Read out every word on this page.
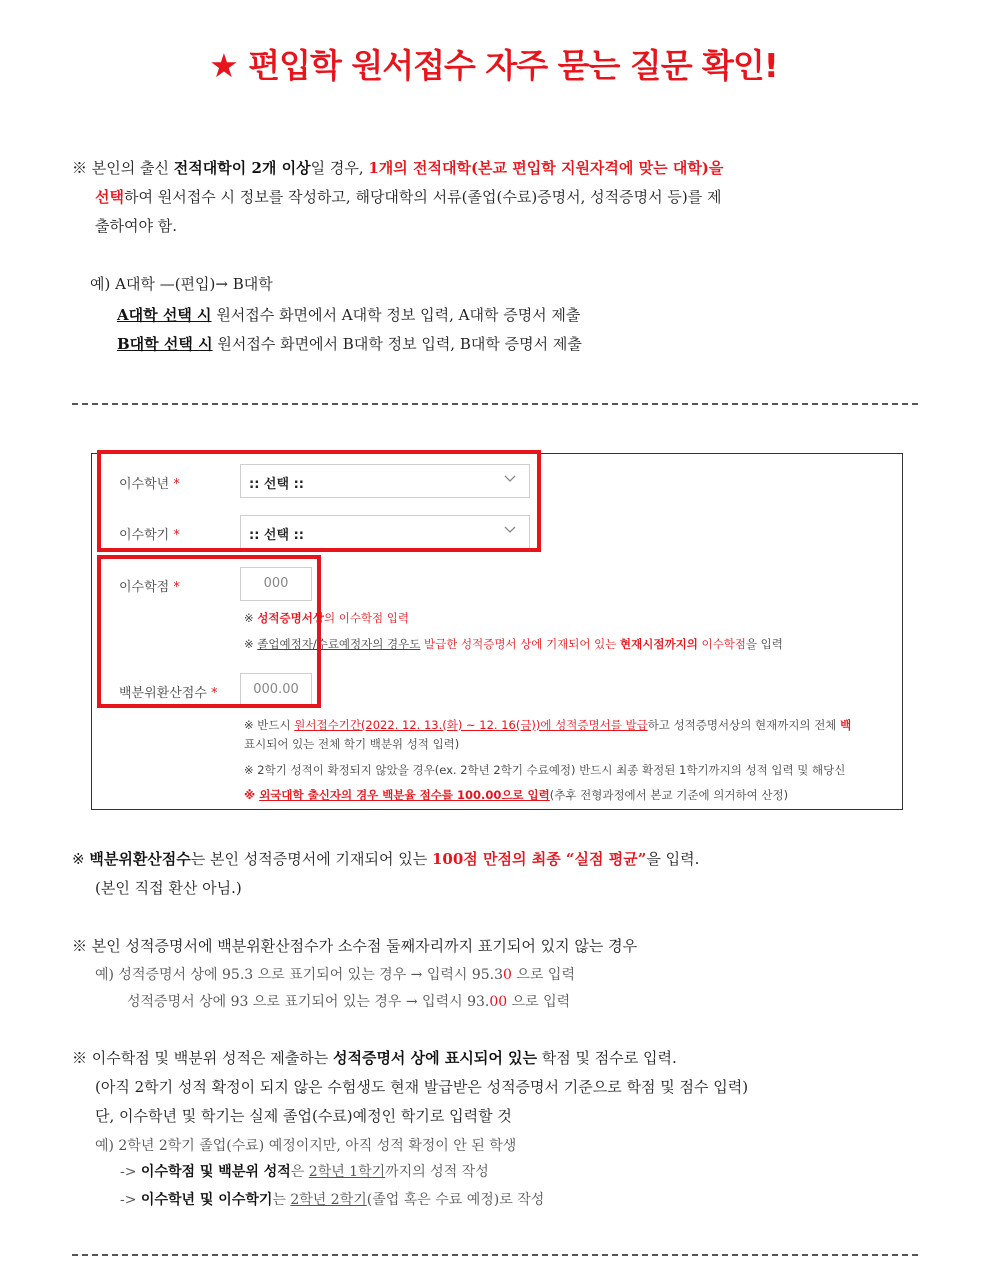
★ 편입학 원서접수 자주 묻는 질문 확인!
※ 본인의 출신 전적대학이 2개 이상일 경우, 1개의 전적대학(본교 편입학 지원자격에 맞는 대학)을
선택하여 원서접수 시 정보를 작성하고, 해당대학의 서류(졸업(수료)증명서, 성적증명서 등)를 제
출하여야 함.
예) A대학 —(편입)→ B대학
A대학 선택 시 원서접수 화면에서 A대학 정보 입력, A대학 증명서 제출
B대학 선택 시 원서접수 화면에서 B대학 정보 입력, B대학 증명서 제출
이수학년 *	:: 선택 ::
이수학기 *	:: 선택 ::
이수학점 *	000
※ 성적증명서상의 이수학점 입력
※ 졸업예정자/수료예정자의 경우도 발급한 성적증명서 상에 기재되어 있는 현재시점까지의 이수학점을 입력
백분위환산점수 *	000.00
※ 반드시 원서접수기간(2022. 12. 13.(화) ~ 12. 16(금))에 성적증명서를 발급하고 성적증명서상의 현재까지의 전체 백
표시되어 있는 전체 학기 백분위 성적 입력)
※ 2학기 성적이 확정되지 않았을 경우(ex. 2학년 2학기 수료예정) 반드시 최종 확정된 1학기까지의 성적 입력 및 해당신
※ 외국대학 출신자의 경우 백분율 점수를 100.00으로 입력(추후 전형과정에서 본교 기준에 의거하여 산정)
※ 백분위환산점수는 본인 성적증명서에 기재되어 있는 100점 만점의 최종 “실점 평균”을 입력.
(본인 직접 환산 아님.)
※ 본인 성적증명서에 백분위환산점수가 소수점 둘째자리까지 표기되어 있지 않는 경우
예) 성적증명서 상에 95.3 으로 표기되어 있는 경우 → 입력시 95.30 으로 입력
성적증명서 상에 93 으로 표기되어 있는 경우 → 입력시 93.00 으로 입력
※ 이수학점 및 백분위 성적은 제출하는 성적증명서 상에 표시되어 있는 학점 및 점수로 입력.
(아직 2학기 성적 확정이 되지 않은 수험생도 현재 발급받은 성적증명서 기준으로 학점 및 점수 입력)
단, 이수학년 및 학기는 실제 졸업(수료)예정인 학기로 입력할 것
예) 2학년 2학기 졸업(수료) 예정이지만, 아직 성적 확정이 안 된 학생
-> 이수학점 및 백분위 성적은 2학년 1학기까지의 성적 작성
-> 이수학년 및 이수학기는 2학년 2학기(졸업 혹은 수료 예정)로 작성
